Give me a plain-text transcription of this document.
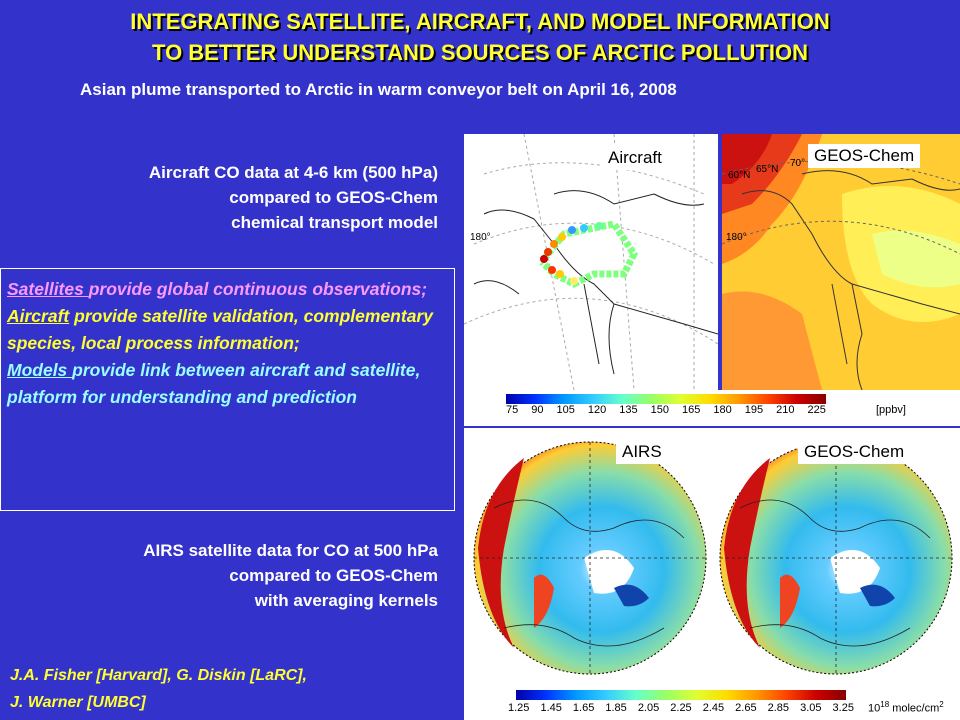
INTEGRATING SATELLITE, AIRCRAFT, AND MODEL INFORMATION
TO BETTER UNDERSTAND SOURCES OF ARCTIC POLLUTION
Asian plume transported to Arctic in warm conveyor belt on April 16, 2008
Aircraft CO data at 4-6 km (500 hPa)
compared to GEOS-Chem
chemical transport model
Satellites provide global continuous observations;
Aircraft provide satellite validation, complementary species, local process information;
Models provide link between aircraft and satellite, platform for understanding and prediction
AIRS satellite data for CO at 500 hPa
compared to GEOS-Chem
with averaging kernels
J.A. Fisher [Harvard], G. Diskin [LaRC],
J. Warner [UMBC]
180°
Aircraft
60°N
65°N
70°
180°
GEOS-Chem
75 90 105 120 135 150 165 180 195 210 225	[ppbv]
AIRS	GEOS-Chem
1.25 1.45 1.65 1.85 2.05 2.25 2.45 2.65 2.85 3.05 3.25 $10^{18}$ molec/$cm^2$
